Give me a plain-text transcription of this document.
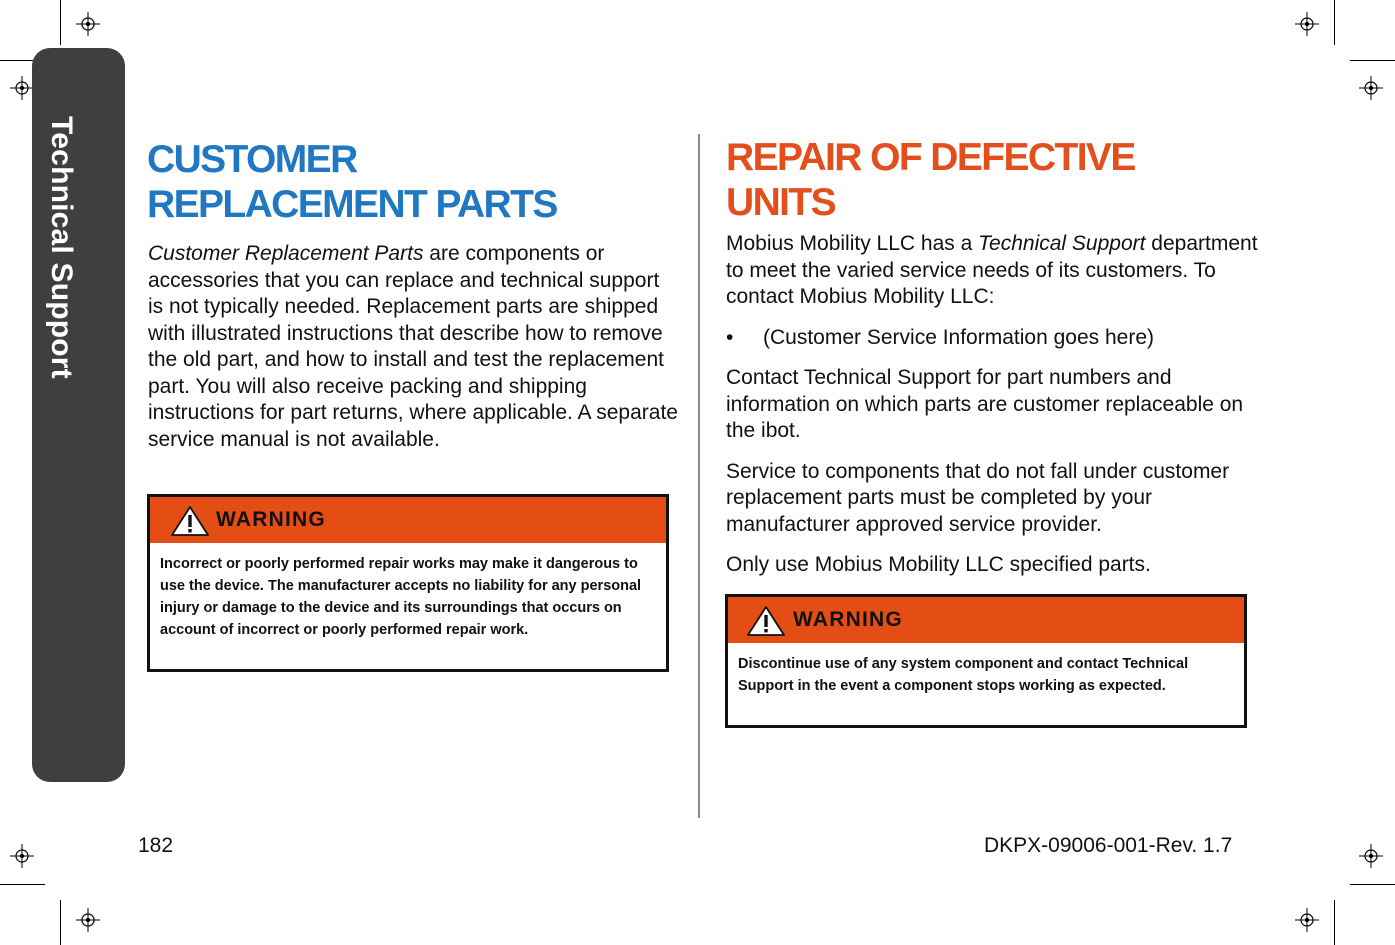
Technical Support CUSTOMER
REPLACEMENT PARTS

Customer Replacement Parts are components or accessories that you can replace and technical support is not typically needed. Replacement parts are shipped with illustrated instructions that describe how to remove the old part, and how to install and test the replacement part. You will also receive packing and shipping instructions for part returns, where applicable. A separate service manual is not available.

WARNING
Incorrect or poorly performed repair works may make it dangerous to use the device. The manufacturer accepts no liability for any personal injury or damage to the device and its surroundings that occurs on account of incorrect or poorly performed repair work.
REPAIR OF DEFECTIVE
UNITS

Mobius Mobility LLC has a Technical Support department to meet the varied service needs of its customers. To contact Mobius Mobility LLC:

•	(Customer Service Information goes here)

Contact Technical Support for part numbers and information on which parts are customer replaceable on the ibot.

Service to components that do not fall under customer replacement parts must be completed by your manufacturer approved service provider.

Only use Mobius Mobility LLC specified parts.

WARNING
Discontinue use of any system component and contact Technical Support in the event a component stops working as expected.
182	DKPX-09006-001-Rev. 1.7
